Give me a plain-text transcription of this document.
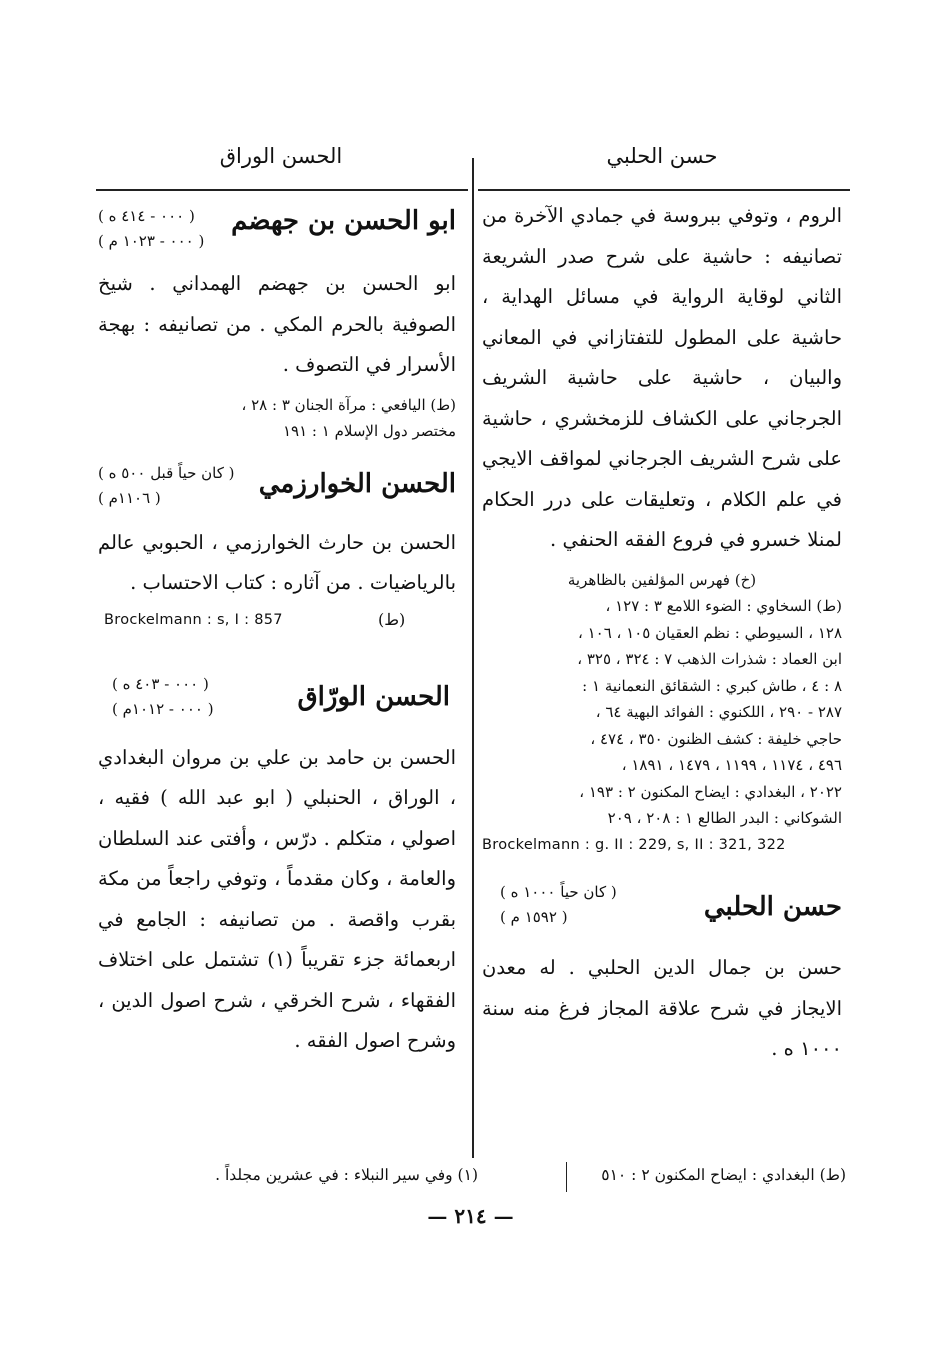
حسن الحلبي
الحسن الوراق

الروم ، وتوفي ببروسة في جمادي الآخرة من تصانيفه : حاشية على شرح صدر الشريعة الثاني لوقاية الرواية في مسائل الهداية ، حاشية على المطول للتفتازاني في المعاني والبيان ، حاشية على حاشية الشريف الجرجاني على الكشاف للزمخشري ، حاشية على شرح الشريف الجرجاني لمواقف الايجي في علم الكلام ، وتعليقات على درر الحكام لمنلا خسرو في فروع الفقه الحنفي .

(خ) فهرس المؤلفين بالظاهرية

(ط) السخاوي : الضوء اللامع ٣ : ١٢٧ ،

١٢٨ ، السيوطي : نظم العقيان ١٠٥ ، ١٠٦ ،

ابن العماد : شذرات الذهب ٧ : ٣٢٤ ، ٣٢٥ ،

٨ : ٤ ، طاش كبري : الشقائق النعمانية ١ :

٢٨٧ - ٢٩٠ ، اللكنوي : الفوائد البهية ٦٤ ،

حاجي خليفة : كشف الظنون ٣٥٠ ، ٤٧٤ ،

٤٩٦ ، ١١٧٤ ، ١١٩٩ ، ١٤٧٩ ، ١٨٩١ ،

٢٠٢٢ ، البغدادي : ايضاح المكنون ٢ : ١٩٣ ،

الشوكاني : البدر الطالع ١ : ٢٠٨ ، ٢٠٩

Brockelmann : g. II : 229, s, II : 321, 322

حسن الحلبي
( كان حياً ١٠٠٠ ه )
( ١٥٩٢ م )

حسن بن جمال الدين الحلبي . له معدن الايجاز في شرح علاقة المجاز فرغ منه سنة ١٠٠٠ ه .

ابو الحسن بن جهضم
( ٠٠٠ - ٤١٤ ه )
( ٠٠٠ - ١٠٢٣ م )

ابو الحسن بن جهضم الهمداني . شيخ الصوفية بالحرم المكي . من تصانيفه : بهجة الأسرار في التصوف .

(ط) اليافعي : مرآة الجنان ٣ : ٢٨ ،

مختصر دول الإسلام ١ : ١٩١

الحسن الخوارزمي
( كان حياً قبل ٥٠٠ ه )
( ١١٠٦م )

الحسن بن حارث الخوارزمي ، الحبوبي عالم بالرياضيات . من آثاره : كتاب الاحتساب .

Brockelmann : s, I : 857	(ط)
الحسن الورّاق
( ٠٠٠ - ٤٠٣ ه )
( ٠٠٠ - ١٠١٢م )

الحسن بن حامد بن علي بن مروان البغدادي ، الوراق ، الحنبلي ( ابو عبد الله ) فقيه ، اصولي ، متكلم . درّس ، وأفتى عند السلطان والعامة ، وكان مقدماً ، وتوفي راجعاً من مكة بقرب واقصة . من تصانيفه : الجامع في اربعمائة جزء تقريباً (١) تشتمل على اختلاف الفقهاء ، شرح الخرقي ، شرح اصول الدين ، وشرح اصول الفقه .

(ط) البغدادي : ايضاح المكنون ٢ : ٥١٠
(١) وفي سير النبلاء : في عشرين مجلداً .
— ٢١٤ —
